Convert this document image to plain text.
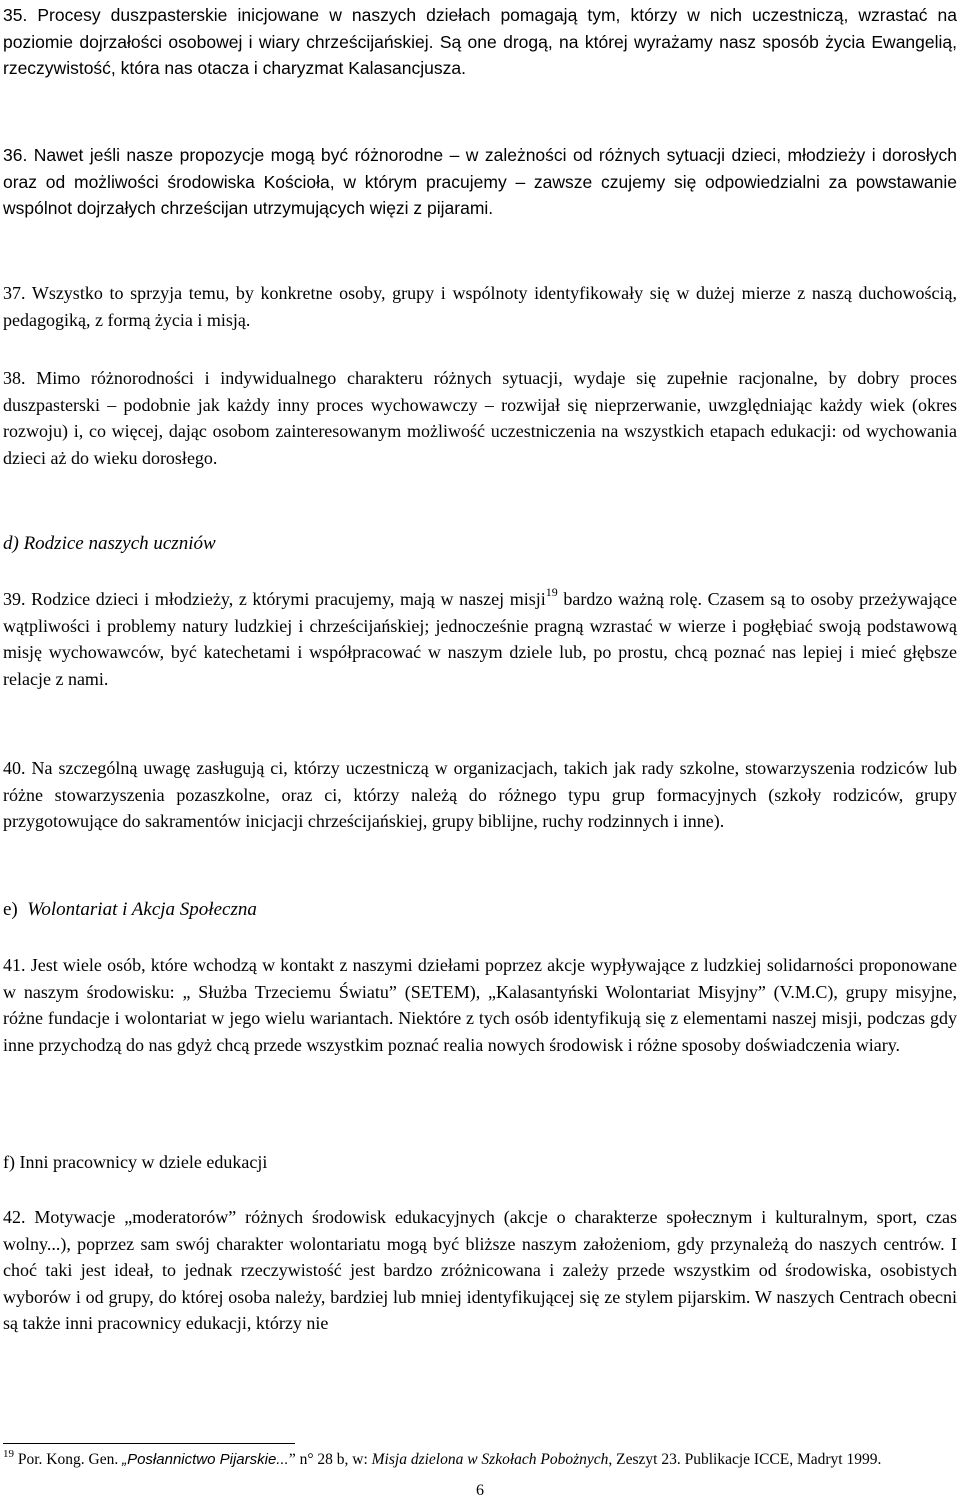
35. Procesy duszpasterskie inicjowane w naszych dziełach pomagają tym, którzy w nich uczestniczą, wzrastać na poziomie dojrzałości osobowej i wiary chrześcijańskiej. Są one drogą, na której wyrażamy nasz sposób życia Ewangelią, rzeczywistość, która nas otacza i charyzmat Kalasancjusza.

36. Nawet jeśli nasze propozycje mogą być różnorodne – w zależności od różnych sytuacji dzieci, młodzieży i dorosłych oraz od możliwości środowiska Kościoła, w którym pracujemy – zawsze czujemy się odpowiedzialni za powstawanie wspólnot dojrzałych chrześcijan utrzymujących więzi z pijarami.

37. Wszystko to sprzyja temu, by konkretne osoby, grupy i wspólnoty identyfikowały się w dużej mierze z naszą duchowością, pedagogiką, z formą życia i misją.

38. Mimo różnorodności i indywidualnego charakteru różnych sytuacji, wydaje się zupełnie racjonalne, by dobry proces duszpasterski – podobnie jak każdy inny proces wychowawczy – rozwijał się nieprzerwanie, uwzględniając każdy wiek (okres rozwoju) i, co więcej, dając osobom zainteresowanym możliwość uczestniczenia na wszystkich etapach edukacji: od wychowania dzieci aż do wieku dorosłego.

d) Rodzice naszych uczniów

39. Rodzice dzieci i młodzieży, z którymi pracujemy, mają w naszej misji$^{19}$ bardzo ważną rolę. Czasem są to osoby przeżywające wątpliwości i problemy natury ludzkiej i chrześcijańskiej; jednocześnie pragną wzrastać w wierze i pogłębiać swoją podstawową misję wychowawców, być katechetami i współpracować w naszym dziele lub, po prostu, chcą poznać nas lepiej i mieć głębsze relacje z nami.

40. Na szczególną uwagę zasługują ci, którzy uczestniczą w organizacjach, takich jak rady szkolne, stowarzyszenia rodziców lub różne stowarzyszenia pozaszkolne, oraz ci, którzy należą do różnego typu grup formacyjnych (szkoły rodziców, grupy przygotowujące do sakramentów inicjacji chrześcijańskiej, grupy biblijne, ruchy rodzinnych i inne).

e) Wolontariat i Akcja Społeczna

41. Jest wiele osób, które wchodzą w kontakt z naszymi dziełami poprzez akcje wypływające z ludzkiej solidarności proponowane w naszym środowisku: „ Służba Trzeciemu Światu” (SETEM), „Kalasantyński Wolontariat Misyjny” (V.M.C), grupy misyjne, różne fundacje i wolontariat w jego wielu wariantach. Niektóre z tych osób identyfikują się z elementami naszej misji, podczas gdy inne przychodzą do nas gdyż chcą przede wszystkim poznać realia nowych środowisk i różne sposoby doświadczenia wiary.

f) Inni pracownicy w dziele edukacji

42. Motywacje „moderatorów” różnych środowisk edukacyjnych (akcje o charakterze społecznym i kulturalnym, sport, czas wolny...), poprzez sam swój charakter wolontariatu mogą być bliższe naszym założeniom, gdy przynależą do naszych centrów. I choć taki jest ideał, to jednak rzeczywistość jest bardzo zróżnicowana i zależy przede wszystkim od środowiska, osobistych wyborów i od grupy, do której osoba należy, bardziej lub mniej identyfikującej się ze stylem pijarskim. W naszych Centrach obecni są także inni pracownicy edukacji, którzy nie

$^{19}$ Por. Kong. Gen. „Posłannictwo Pijarskie...” n° 28 b, w: Misja dzielona w Szkołach Pobożnych, Zeszyt 23. Publikacje ICCE, Madryt 1999.

6
